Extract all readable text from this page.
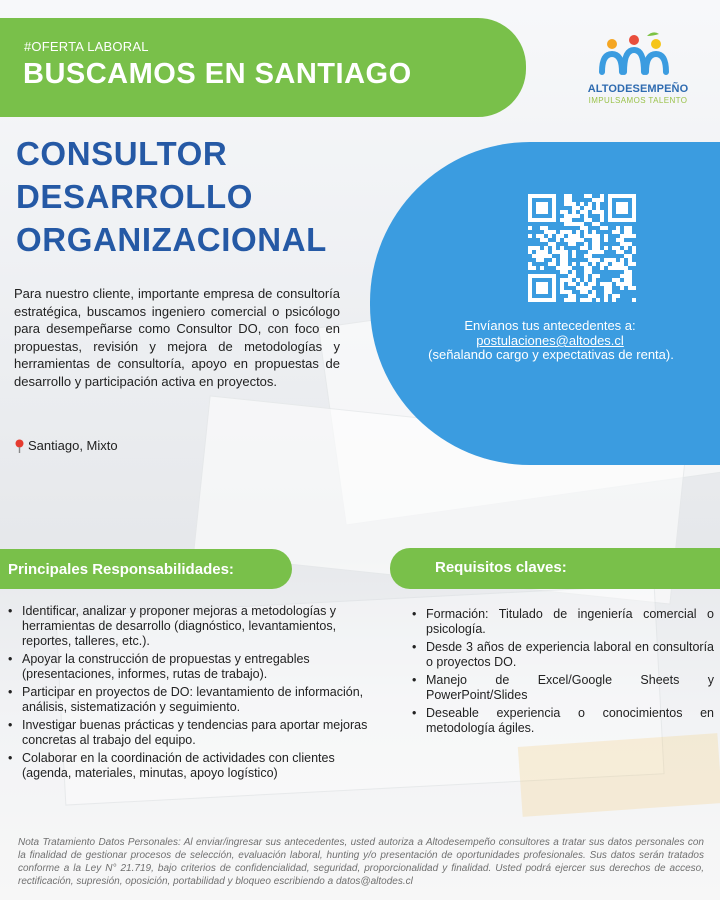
#OFERTA LABORAL
BUSCAMOS EN SANTIAGO	ALTODESEMPEÑO
IMPULSAMOS TALENTO
CONSULTOR
DESARROLLO
ORGANIZACIONAL

Para nuestro cliente, importante empresa de consultoría estratégica, buscamos ingeniero comercial o psicólogo para desempeñarse como Consultor DO, con foco en propuestas, revisión y mejora de metodologías y herramientas de consultoría, apoyo en propuestas de desarrollo y participación activa en proyectos.

Santiago, Mixto
Envíanos tus antecedentes a:
postulaciones@altodes.cl
(señalando cargo y expectativas de renta).
Principales Responsabilidades:	Requisitos claves:
• Identificar, analizar y proponer mejoras a metodologías y herramientas de desarrollo (diagnóstico, levantamientos, reportes, talleres, etc.).
• Apoyar la construcción de propuestas y entregables (presentaciones, informes, rutas de trabajo).
• Participar en proyectos de DO: levantamiento de información, análisis, sistematización y seguimiento.
• Investigar buenas prácticas y tendencias para aportar mejoras concretas al trabajo del equipo.
• Colaborar en la coordinación de actividades con clientes (agenda, materiales, minutas, apoyo logístico)
• Formación: Titulado de ingeniería comercial o psicología.
• Desde 3 años de experiencia laboral en consultoría o proyectos DO.
• Manejo de Excel/Google Sheets y PowerPoint/Slides
• Deseable experiencia o conocimientos en metodología ágiles.

Nota Tratamiento Datos Personales: Al enviar/ingresar sus antecedentes, usted autoriza a Altodesempeño consultores a tratar sus datos personales con la finalidad de gestionar procesos de selección, evaluación laboral, hunting y/o presentación de oportunidades profesionales. Sus datos serán tratados conforme a la Ley N° 21.719, bajo criterios de confidencialidad, seguridad, proporcionalidad y finalidad. Usted podrá ejercer sus derechos de acceso, rectificación, supresión, oposición, portabilidad y bloqueo escribiendo a datos@altodes.cl
